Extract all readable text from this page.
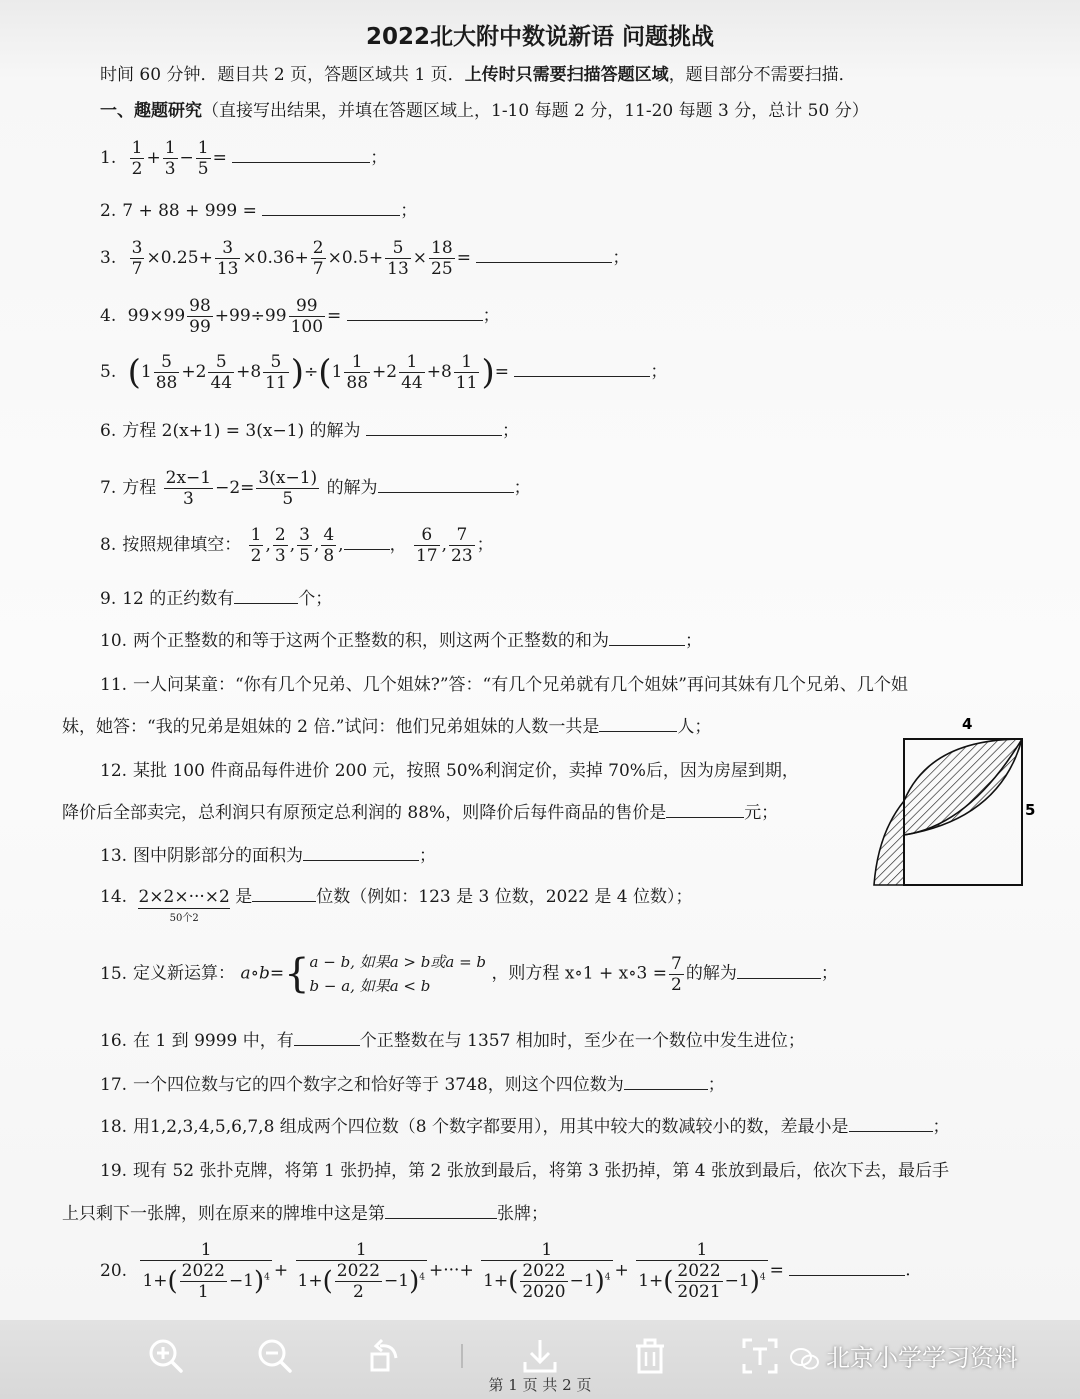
2022北大附中数说新语 问题挑战
时间 60 分钟．题目共 2 页，答题区域共 1 页．上传时只需要扫描答题区域，题目部分不需要扫描．
一、趣题研究（直接写出结果，并填在答题区域上，1-10 每题 2 分，11-20 每题 3 分，总计 50 分）
1. $\frac{1}{2} + \frac{1}{3} - \frac{1}{5}$ =	；
2. 7 + 88 + 999 =	；
3. $\frac{3}{7} \times 0.25+ \frac{3}{13} \times 0.36+ \frac{2}{7} \times 0.5+ \frac{5}{13} \times \frac{18}{25}$ =	；
4. $99\times 99 \frac{98}{99} +99\div 99 \frac{99}{100}$ =	；
5. $(1 \frac{5}{88} +2 \frac{5}{44} +8 \frac{5}{11} )\div(1 \frac{1}{88} +2 \frac{1}{44} +8 \frac{1}{11}$ )=	；
6. 方程 2(x+1) = 3(x−1) 的解为	；
7. 方程 $\frac{2x-1}{3} -2= \frac{3(x-1)}{5}$ 的解为	；
8. 按照规律填空： $\frac{1}{2}$ , $\frac{2}{3}$ , $\frac{3}{5}$ , $\frac{4}{8}$ ,	， $\frac{6}{17}$ , $\frac{7}{23}$ ；
9. 12 的正约数有	个；
10. 两个正整数的和等于这两个正整数的积，则这两个正整数的和为	；
11. 一人问某童：“你有几个兄弟、几个姐妹?”答：“有几个兄弟就有几个姐妹”再问其妹有几个兄弟、几个姐
妹，她答：“我的兄弟是姐妹的 2 倍.”试问：他们兄弟姐妹的人数一共是	人；
12. 某批 100 件商品每件进价 200 元，按照 50%利润定价，卖掉 70%后，因为房屋到期，
降价后全部卖完，总利润只有原预定总利润的 88%，则降价后每件商品的售价是	元；
13. 图中阴影部分的面积为	；
4
5
14. 2×2×···×2
50个2
是	位数（例如：123 是 3 位数，2022 是 4 位数）；
15. 定义新运算： a∘b={ a − b, 如果a > b或a = b
b − a, 如果a < b
，则方程 x∘1 + x∘3 = $\frac{7}{2}$ 的解为	；
16. 在 1 到 9999 中，有	个正整数在与 1357 相加时，至少在一个数位中发生进位；
17. 一个四位数与它的四个数字之和恰好等于 3748，则这个四位数为	；
18. 用1,2,3,4,5,6,7,8 组成两个四位数（8 个数字都要用），用其中较大的数减较小的数，差最小是	；
19. 现有 52 张扑克牌，将第 1 张扔掉，第 2 张放到最后，将第 3 张扔掉，第 4 张放到最后，依次下去，最后手
上只剩下一张牌，则在原来的牌堆中这是第	张牌；
20. $\frac{1}{1+( \frac{2022}{1} -1)^4} + \frac{1}{1+( \frac{2022}{2} -1)^4}$ +···+ $\frac{1}{1+( \frac{2022}{2020} -1)^4} + \frac{1}{1+( \frac{2022}{2021} -1)^4}$ =	.
北京小学学习资料
第 1 页 共 2 页
